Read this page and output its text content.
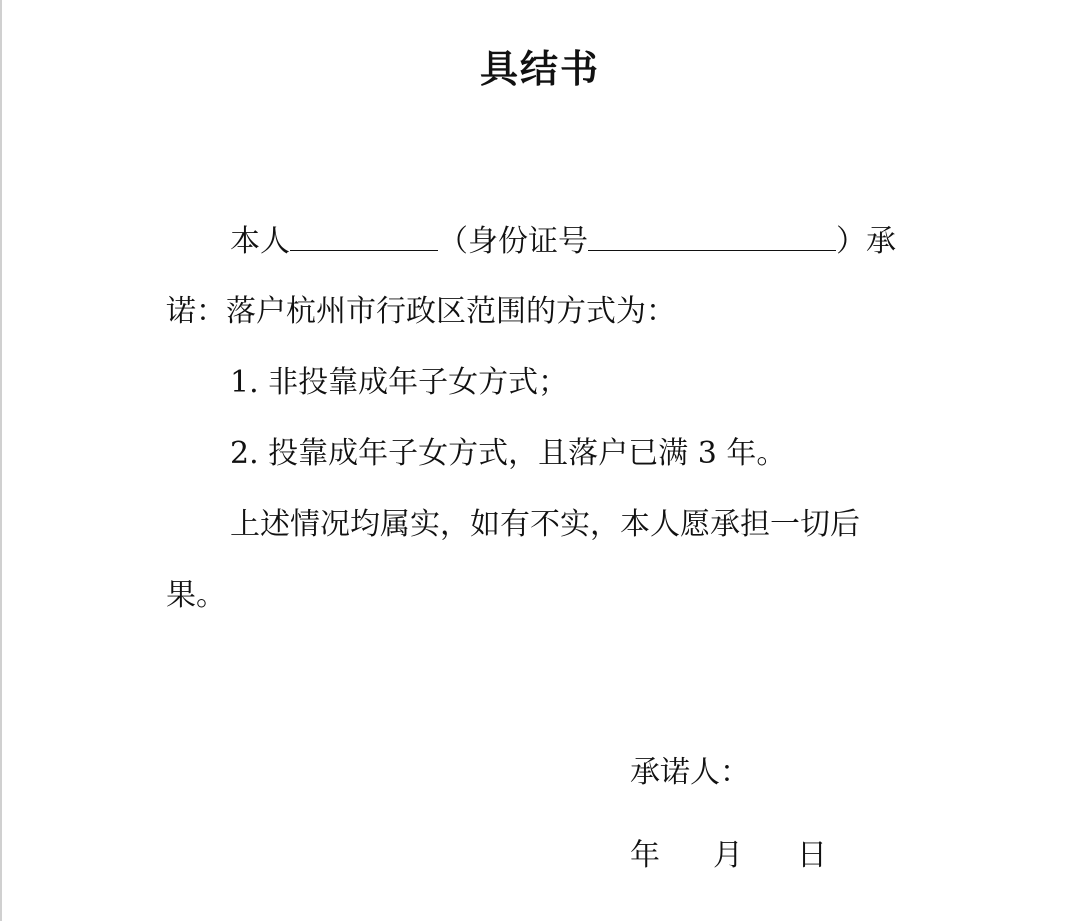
具结书
本人	（身份证号	）承
诺：落户杭州市行政区范围的方式为：
1. 非投靠成年子女方式；
2. 投靠成年子女方式，且落户已满 3 年。
上述情况均属实，如有不实，本人愿承担一切后
果。
承诺人：
年 月 日
